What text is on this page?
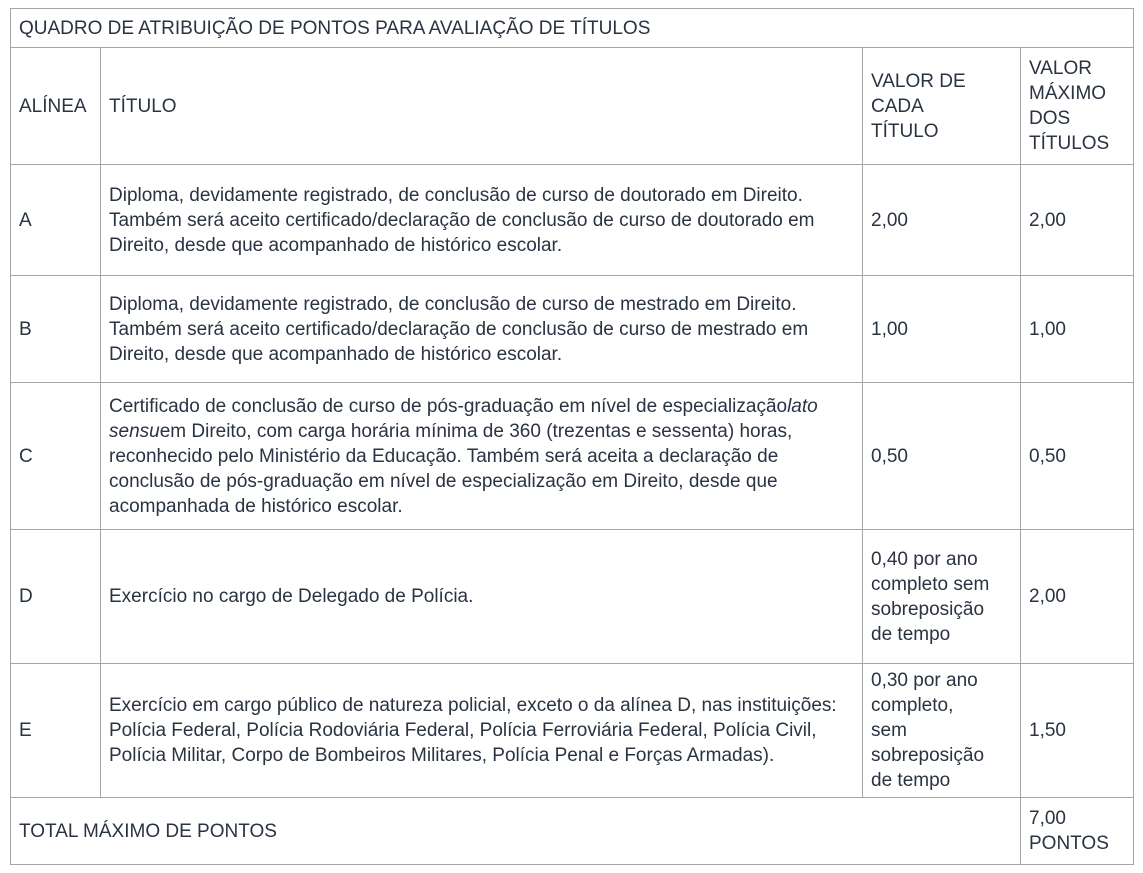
QUADRO DE ATRIBUIÇÃO DE PONTOS PARA AVALIAÇÃO DE TÍTULOS			
ALÍNEA	TÍTULO	VALOR DE CADA TÍTULO	VALOR MÁXIMO DOS TÍTULOS
A	Diploma, devidamente registrado, de conclusão de curso de doutorado em Direito. Também será aceito certificado/declaração de conclusão de curso de doutorado em Direito, desde que acompanhado de histórico escolar.	2,00	2,00
B	Diploma, devidamente registrado, de conclusão de curso de mestrado em Direito. Também será aceito certificado/declaração de conclusão de curso de mestrado em Direito, desde que acompanhado de histórico escolar.	1,00	1,00
C	Certificado de conclusão de curso de pós-graduação em nível de especializaçãolato sensuem Direito, com carga horária mínima de 360 (trezentas e sessenta) horas, reconhecido pelo Ministério da Educação. Também será aceita a declaração de conclusão de pós-graduação em nível de especialização em Direito, desde que acompanhada de histórico escolar.	0,50	0,50
D	Exercício no cargo de Delegado de Polícia.	0,40 por ano completo sem sobreposição de tempo	2,00
E	Exercício em cargo público de natureza policial, exceto o da alínea D, nas instituições: Polícia Federal, Polícia Rodoviária Federal, Polícia Ferroviária Federal, Polícia Civil, Polícia Militar, Corpo de Bombeiros Militares, Polícia Penal e Forças Armadas).	0,30 por ano completo, sem sobreposição de tempo	1,50
TOTAL MÁXIMO DE PONTOS			7,00 PONTOS
